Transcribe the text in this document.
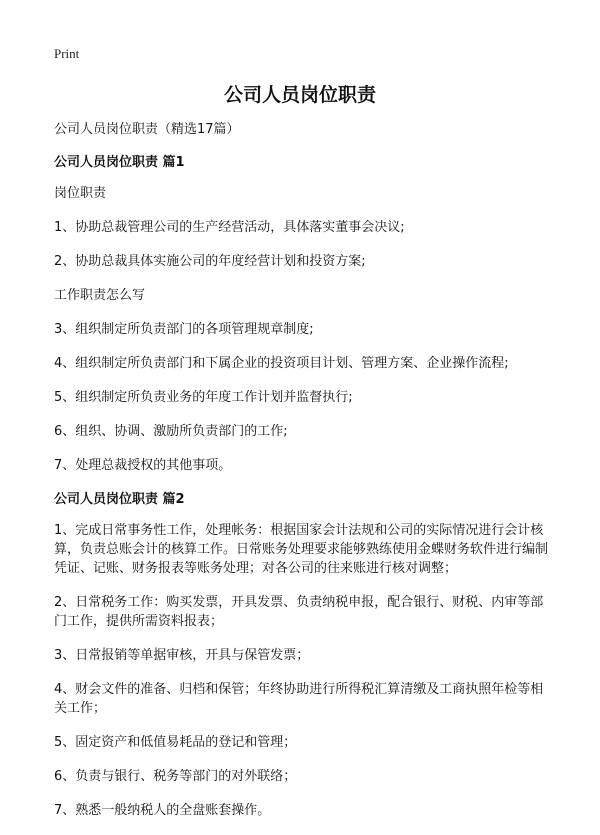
Print
公司人员岗位职责

公司人员岗位职责（精选17篇）

公司人员岗位职责 篇1

岗位职责

1、协助总裁管理公司的生产经营活动，具体落实董事会决议;

2、协助总裁具体实施公司的年度经营计划和投资方案;

工作职责怎么写

3、组织制定所负责部门的各项管理规章制度;

4、组织制定所负责部门和下属企业的投资项目计划、管理方案、企业操作流程;

5、组织制定所负责业务的年度工作计划并监督执行;

6、组织、协调、激励所负责部门的工作;

7、处理总裁授权的其他事项。

公司人员岗位职责 篇2

1、完成日常事务性工作，处理帐务：根据国家会计法规和公司的实际情况进行会计核算，负责总账会计的核算工作。日常账务处理要求能够熟练使用金蝶财务软件进行编制凭证、记账、财务报表等账务处理；对各公司的往来账进行核对调整；

2、日常税务工作：购买发票，开具发票、负责纳税申报，配合银行、财税、内审等部门工作，提供所需资料报表；

3、日常报销等单据审核，开具与保管发票；

4、财会文件的准备、归档和保管；年终协助进行所得税汇算清缴及工商执照年检等相关工作；

5、固定资产和低值易耗品的登记和管理；

6、负责与银行、税务等部门的对外联络；

7、熟悉一般纳税人的全盘账套操作。
